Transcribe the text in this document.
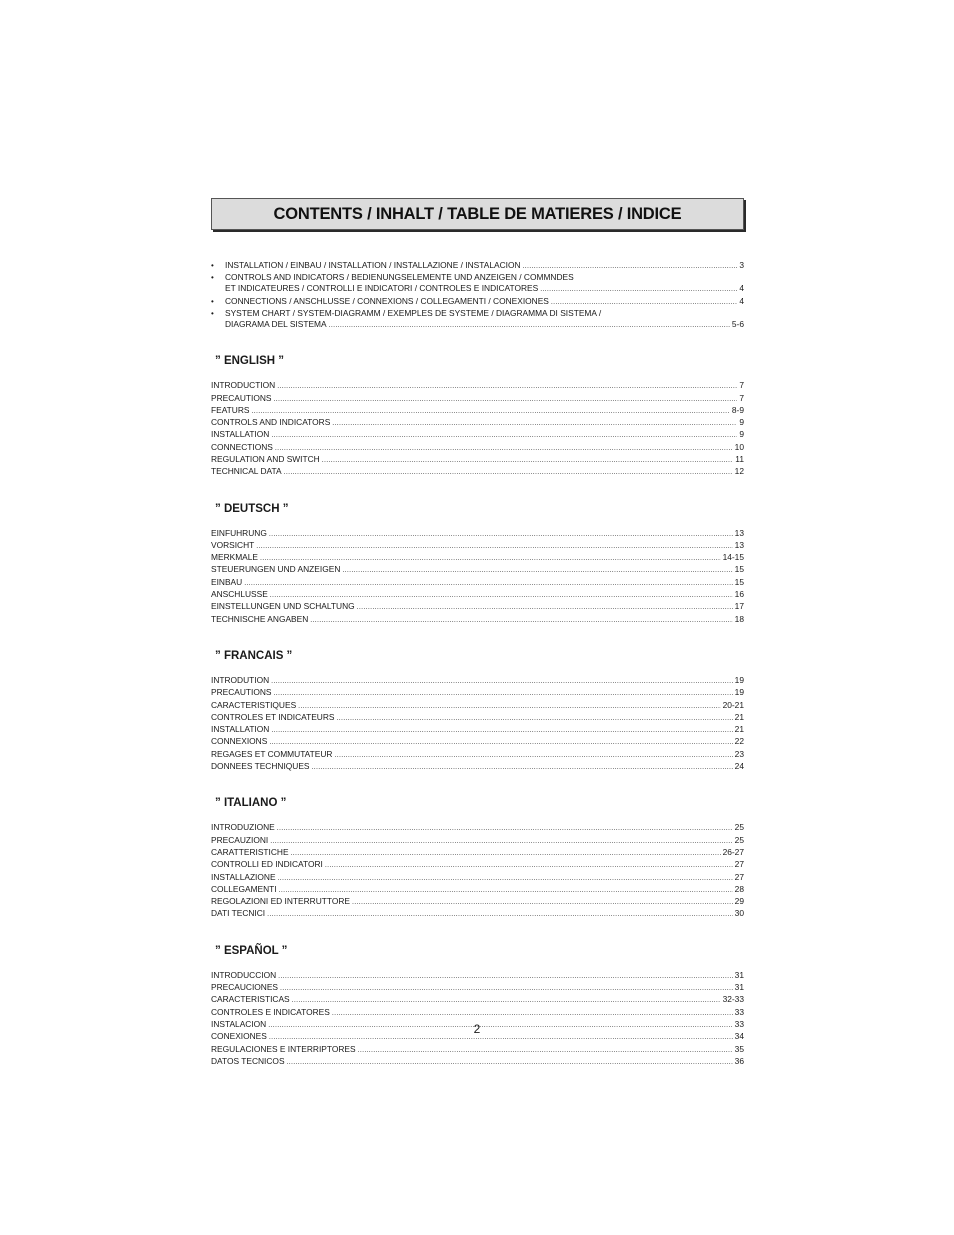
CONTENTS / INHALT / TABLE DE MATIERES / INDICE
• INSTALLATION / EINBAU / INSTALLATION / INSTALLAZIONE / INSTALACION .....	3
• CONTROLS AND INDICATORS / BEDIENUNGSELEMENTE UND ANZEIGEN / COMMNDES
ET INDICATEURES / CONTROLLI E INDICATORI / CONTROLES E INDICATORES .....	4
• CONNECTIONS / ANSCHLUSSE / CONNEXIONS / COLLEGAMENTI / CONEXIONES .....	4
• SYSTEM CHART / SYSTEM-DIAGRAMM / EXEMPLES DE SYSTEME / DIAGRAMMA DI SISTEMA /
DIAGRAMA DEL SISTEMA .....	5-6
” ENGLISH ”
INTRODUCTION .....	7
PRECAUTIONS .....	7
FEATURS .....	8-9
CONTROLS AND INDICATORS .....	9
INSTALLATION .....	9
CONNECTIONS .....	10
REGULATION AND SWITCH .....	11
TECHNICAL DATA .....	12
” DEUTSCH ”
EINFUHRUNG .....	13
VORSICHT .....	13
MERKMALE .....	14-15
STEUERUNGEN UND ANZEIGEN .....	15
EINBAU .....	15
ANSCHLUSSE .....	16
EINSTELLUNGEN UND SCHALTUNG .....	17
TECHNISCHE ANGABEN .....	18
” FRANCAIS ”
INTRODUTION .....	19
PRECAUTIONS .....	19
CARACTERISTIQUES .....	20-21
CONTROLES ET INDICATEURS .....	21
INSTALLATION .....	21
CONNEXIONS .....	22
REGAGES ET COMMUTATEUR .....	23
DONNEES TECHNIQUES .....	24
” ITALIANO ”
INTRODUZIONE .....	25
PRECAUZIONI .....	25
CARATTERISTICHE .....	26-27
CONTROLLI ED INDICATORI .....	27
INSTALLAZIONE .....	27
COLLEGAMENTI .....	28
REGOLAZIONI ED INTERRUTTORE .....	29
DATI TECNICI .....	30
” ESPAÑOL ”
INTRODUCCION .....	31
PRECAUCIONES .....	31
CARACTERISTICAS .....	32-33
CONTROLES E INDICATORES .....	33
INSTALACION .....	33
CONEXIONES .....	34
REGULACIONES E INTERRIPTORES .....	35
DATOS TECNICOS .....	36
2
